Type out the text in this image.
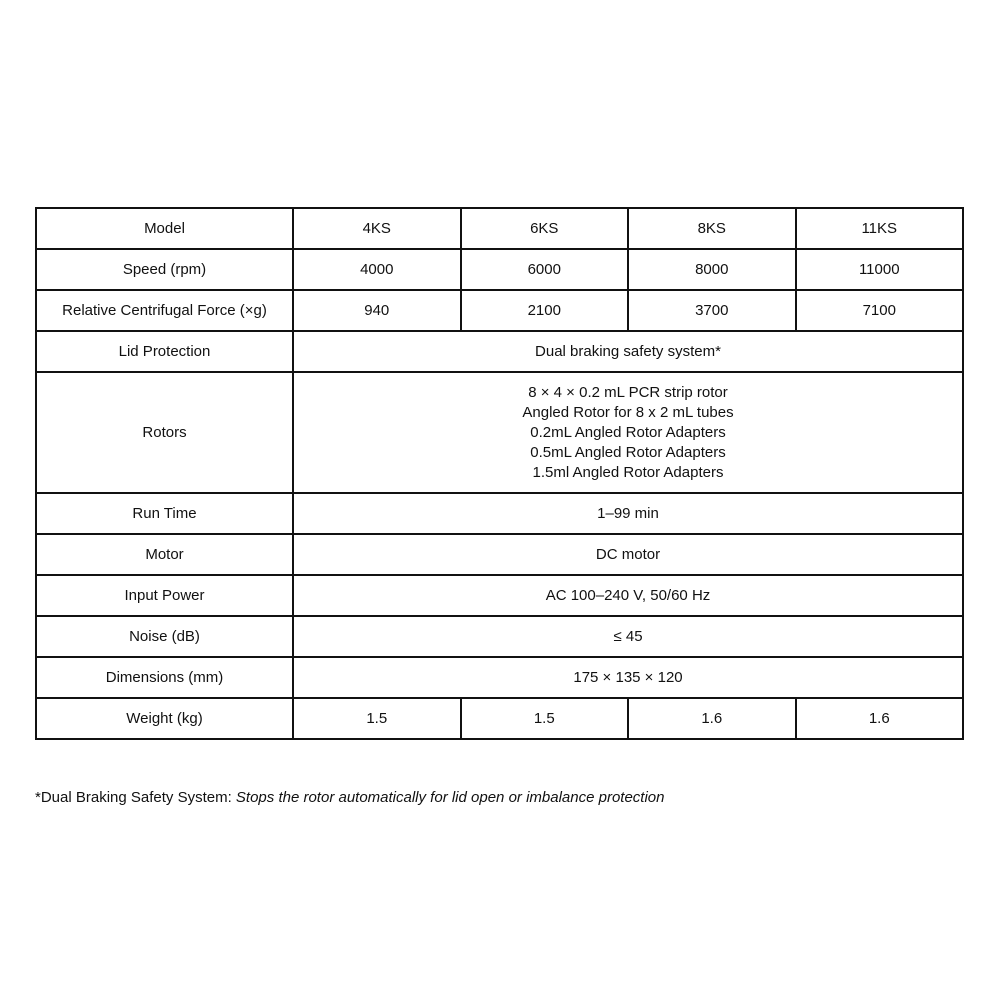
Model	4KS	6KS	8KS	11KS
Speed (rpm)	4000	6000	8000	11000
Relative Centrifugal Force (×g)	940	2100	3700	7100
Lid Protection	Dual braking safety system*			
Rotors	8 × 4 × 0.2 mL PCR strip rotor
Angled Rotor for 8 x 2 mL tubes
0.2mL Angled Rotor Adapters
0.5mL Angled Rotor Adapters
1.5ml Angled Rotor Adapters			

Run Time	1–99 min			
Motor	DC motor			
Input Power	AC 100–240 V, 50/60 Hz			
Noise (dB)	≤ 45			
Dimensions (mm)	175 × 135 × 120			
Weight (kg)	1.5	1.5	1.6	1.6
*Dual Braking Safety System: Stops the rotor automatically for lid open or imbalance protection
